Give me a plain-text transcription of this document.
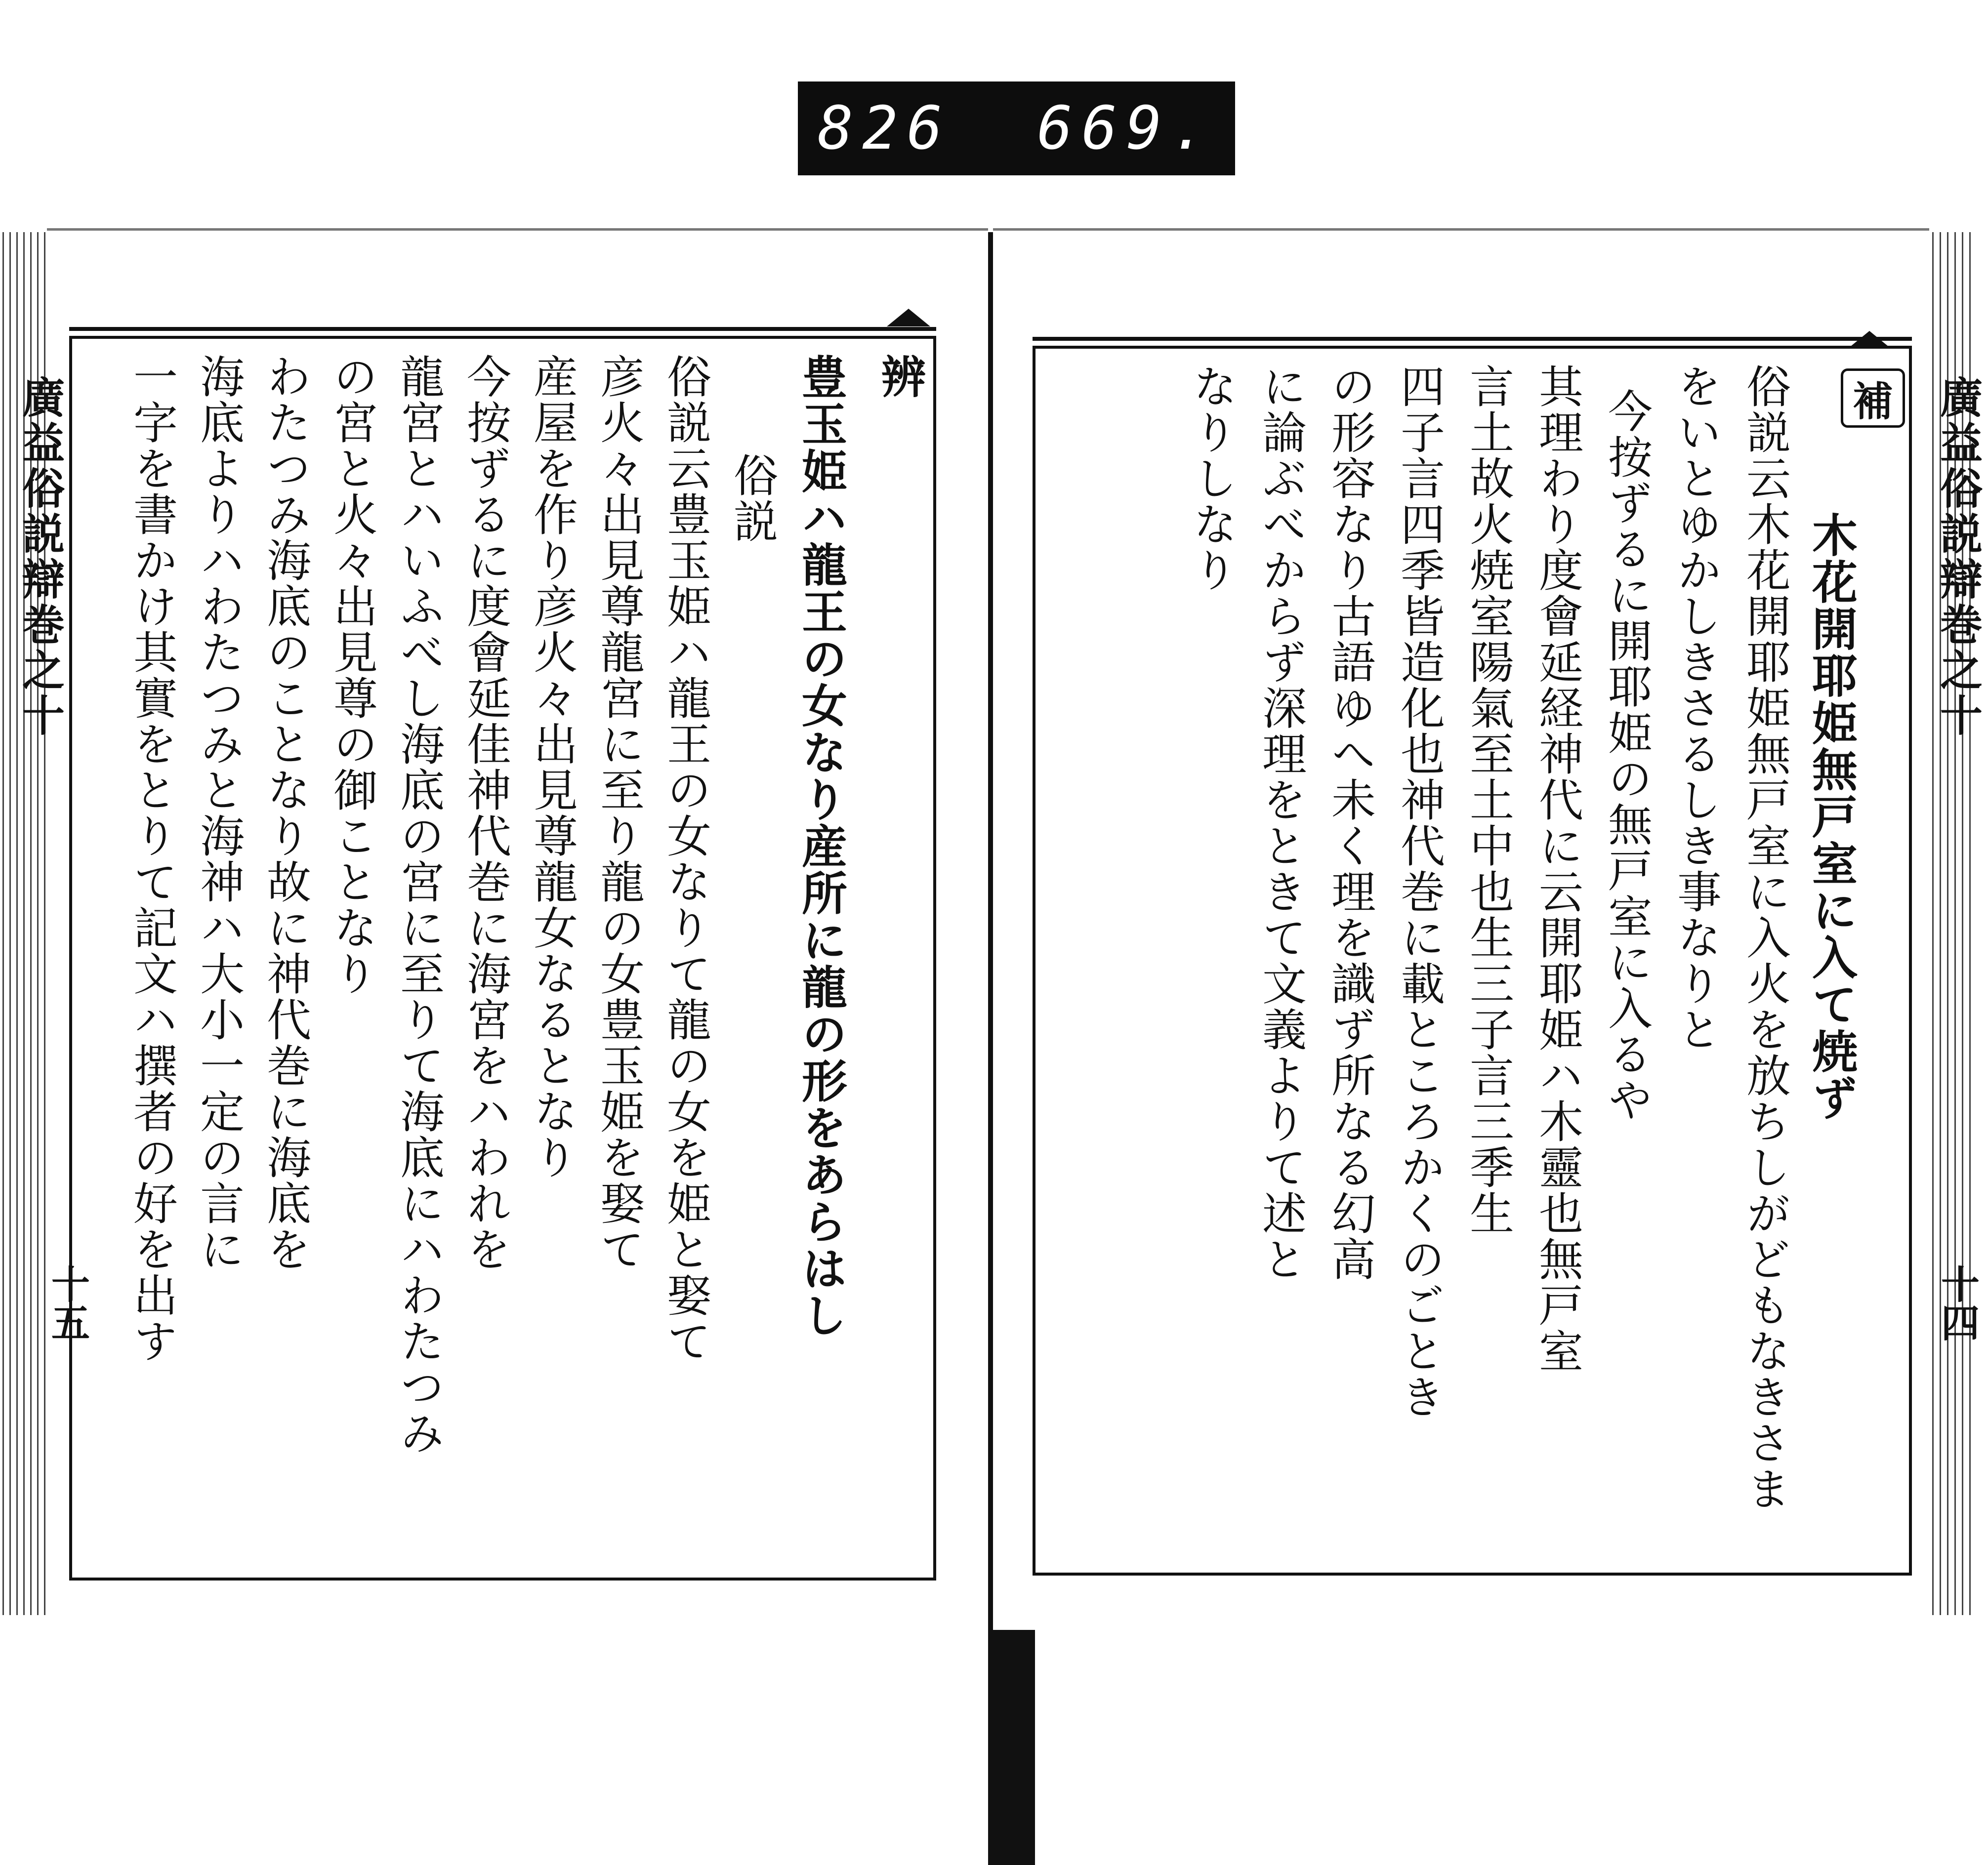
826 669.
廣益俗説辯巻之十
十五
廣益俗説辯巻之十
十四
辨
豊玉姫ハ龍王の女なり産所に龍の形をあらはし
俗説
俗説云豊玉姫ハ龍王の女なりて龍の女を姫と娶て
彦火々出見尊龍宮に至り龍の女豊玉姫を娶て
産屋を作り彦火々出見尊龍女なるとなり
今按ずるに度會延佳神代巻に海宮をハわれを
龍宮とハいふべし海底の宮に至りて海底にハわたつみ
の宮と火々出見尊の御ことなり
わたつみ海底のことなり故に神代巻に海底を
海底よりハわたつみと海神ハ大小一定の言に
一字を書かけ其實をとりて記文ハ撰者の好を出す	補
木花開耶姫無戸室に入て焼ず
俗説云木花開耶姫無戸室に入火を放ちしがどもなきさま
をいとゆかしきさるしき事なりと
今按ずるに開耶姫の無戸室に入るや
其理わり度會延経神代に云開耶姫ハ木靈也無戸室
言土故火焼室陽氣至土中也生三子言三季生
四子言四季皆造化也神代巻に載ところかくのごとき
の形容なり古語ゆへ未く理を識ず所なる幻高
に論ぶべからず深理をときて文義よりて述と
なりしなり
